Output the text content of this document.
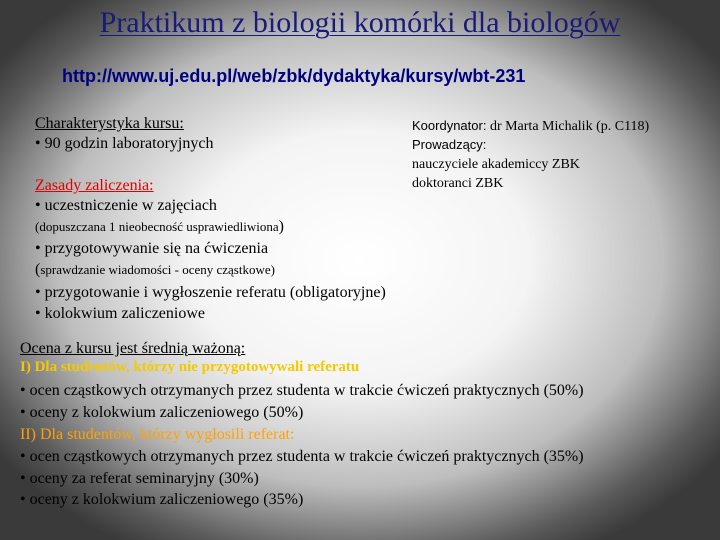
Praktikum z biologii komórki dla biologów
http://www.uj.edu.pl/web/zbk/dydaktyka/kursy/wbt-231
Charakterystyka kursu:
• 90 godzin laboratoryjnych
Koordynator: dr Marta Michalik (p. C118)
Prowadzący:
nauczyciele akademiccy ZBK
doktoranci ZBK
Zasady zaliczenia:
• uczestniczenie w zajęciach
(dopuszczana 1 nieobecność usprawiedliwiona)
• przygotowywanie się na ćwiczenia
(sprawdzanie wiadomości - oceny cząstkowe)
• przygotowanie i wygłoszenie referatu (obligatoryjne)
• kolokwium zaliczeniowe
Ocena z kursu jest średnią ważoną:
I) Dla studentów, którzy nie przygotowywali referatu
• ocen cząstkowych otrzymanych przez studenta w trakcie ćwiczeń praktycznych (50%)
• oceny z kolokwium zaliczeniowego (50%)
II) Dla studentów, którzy wygłosili referat:
• ocen cząstkowych otrzymanych przez studenta w trakcie ćwiczeń praktycznych (35%)
• oceny za referat seminaryjny (30%)
• oceny z kolokwium zaliczeniowego (35%)
